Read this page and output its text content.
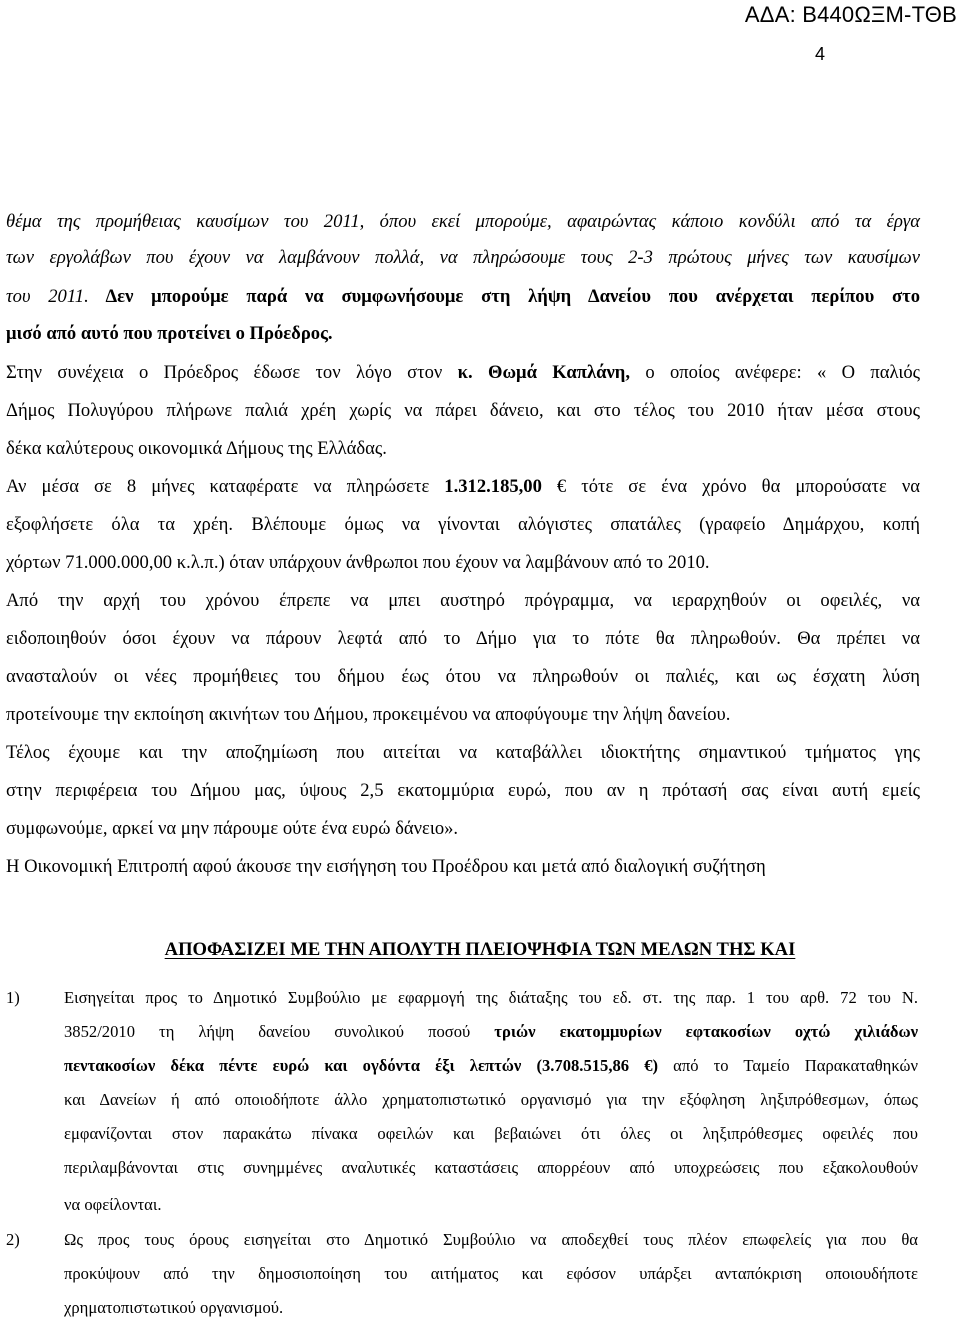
ΑΔΑ: Β440ΩΞΜ-ΤΘΒ
4
θέμα της προμήθειας καυσίμων του 2011, όπου εκεί μπορούμε, αφαιρώντας κάποιο κονδύλι από τα έργα
των εργολάβων που έχουν να λαμβάνουν πολλά, να πληρώσουμε τους 2-3 πρώτους μήνες των καυσίμων
του 2011. Δεν μπορούμε παρά να συμφωνήσουμε στη λήψη Δανείου που ανέρχεται περίπου στο
μισό από αυτό που προτείνει ο Πρόεδρος.
Στην συνέχεια ο Πρόεδρος έδωσε τον λόγο στον κ. Θωμά Καπλάνη, ο οποίος ανέφερε: « Ο παλιός
Δήμος Πολυγύρου πλήρωνε παλιά χρέη χωρίς να πάρει δάνειο, και στο τέλος του 2010 ήταν μέσα στους
δέκα καλύτερους οικονομικά Δήμους της Ελλάδας.
Αν μέσα σε 8 μήνες καταφέρατε να πληρώσετε 1.312.185,00 € τότε σε ένα χρόνο θα μπορούσατε να
εξοφλήσετε όλα τα χρέη. Βλέπουμε όμως να γίνονται αλόγιστες σπατάλες (γραφείο Δημάρχου, κοπή
χόρτων 71.000.000,00 κ.λ.π.) όταν υπάρχουν άνθρωποι που έχουν να λαμβάνουν από το 2010.
Από την αρχή του χρόνου έπρεπε να μπει αυστηρό πρόγραμμα, να ιεραρχηθούν οι οφειλές, να
ειδοποιηθούν όσοι έχουν να πάρουν λεφτά από το Δήμο για το πότε θα πληρωθούν. Θα πρέπει να
ανασταλούν οι νέες προμήθειες του δήμου έως ότου να πληρωθούν οι παλιές, και ως έσχατη λύση
προτείνουμε την εκποίηση ακινήτων του Δήμου, προκειμένου να αποφύγουμε την λήψη δανείου.
Τέλος έχουμε και την αποζημίωση που αιτείται να καταβάλλει ιδιοκτήτης σημαντικού τμήματος γης
στην περιφέρεια του Δήμου μας, ύψους 2,5 εκατομμύρια ευρώ, που αν η πρότασή σας είναι αυτή εμείς
συμφωνούμε, αρκεί να μην πάρουμε ούτε ένα ευρώ δάνειο».
Η Οικονομική Επιτροπή αφού άκουσε την εισήγηση του Προέδρου και μετά από διαλογική συζήτηση
ΑΠΟΦΑΣΙΖΕΙ ΜΕ ΤΗΝ ΑΠΟΛΥΤΗ ΠΛΕΙΟΨΗΦΙΑ ΤΩΝ ΜΕΛΩΝ ΤΗΣ ΚΑΙ
1)	Εισηγείται προς το Δημοτικό Συμβούλιο με εφαρμογή της διάταξης του εδ. στ. της παρ. 1 του αρθ. 72 του Ν.
3852/2010 τη λήψη δανείου συνολικού ποσού τριών εκατομμυρίων εφτακοσίων οχτώ χιλιάδων
πεντακοσίων δέκα πέντε ευρώ και ογδόντα έξι λεπτών (3.708.515,86 €) από το Ταμείο Παρακαταθηκών
και Δανείων ή από οποιοδήποτε άλλο χρηματοπιστωτικό οργανισμό για την εξόφληση ληξιπρόθεσμων, όπως
εμφανίζονται στον παρακάτω πίνακα οφειλών και βεβαιώνει ότι όλες οι ληξιπρόθεσμες οφειλές που
περιλαμβάνονται στις συνημμένες αναλυτικές καταστάσεις απορρέουν από υποχρεώσεις που εξακολουθούν
να οφείλονται.
2)	Ως προς τους όρους εισηγείται στο Δημοτικό Συμβούλιο να αποδεχθεί τους πλέον επωφελείς για που θα
προκύψουν από την δημοσιοποίηση του αιτήματος και εφόσον υπάρξει ανταπόκριση οποιουδήποτε
χρηματοπιστωτικού οργανισμού.
